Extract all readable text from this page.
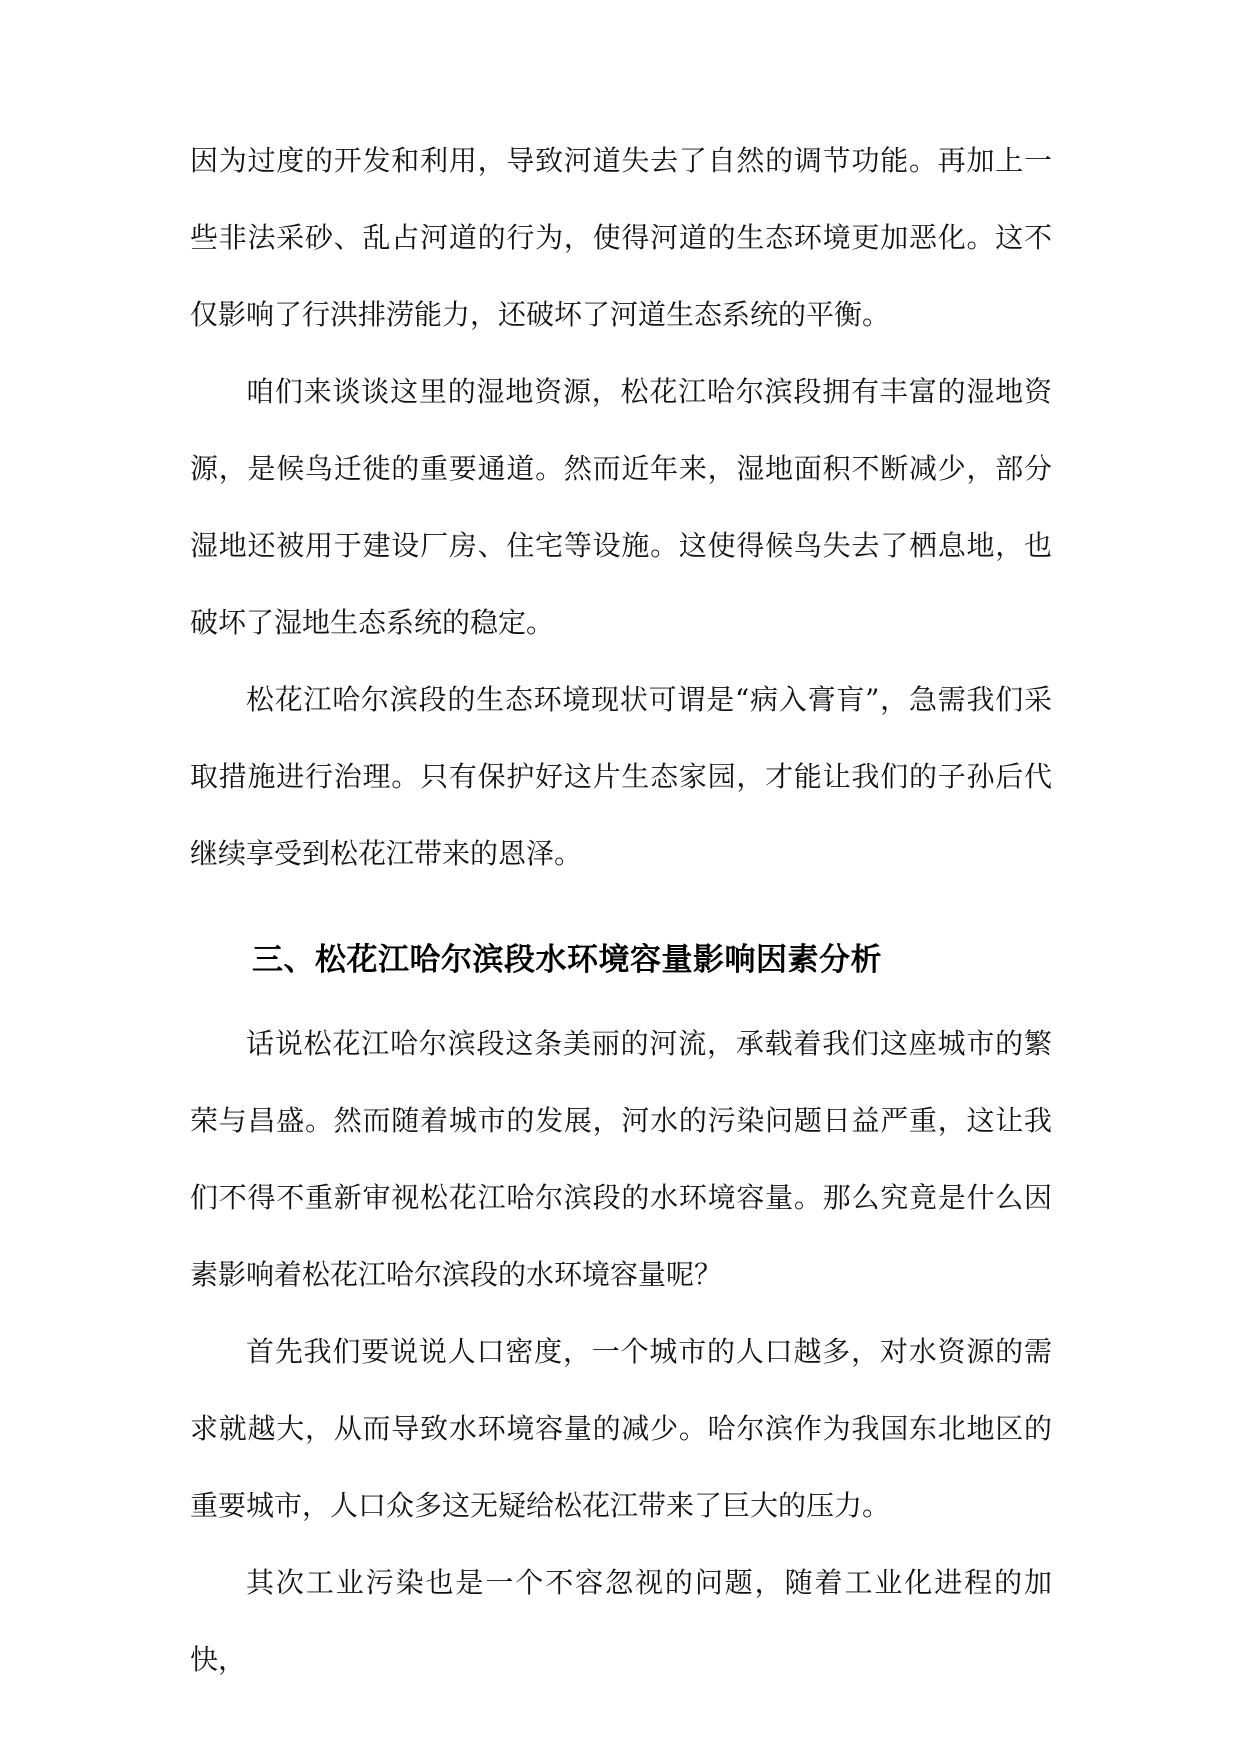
因为过度的开发和利用，导致河道失去了自然的调节功能。再加上一些非法采砂、乱占河道的行为，使得河道的生态环境更加恶化。这不仅影响了行洪排涝能力，还破坏了河道生态系统的平衡。

咱们来谈谈这里的湿地资源，松花江哈尔滨段拥有丰富的湿地资源，是候鸟迁徙的重要通道。然而近年来，湿地面积不断减少，部分湿地还被用于建设厂房、住宅等设施。这使得候鸟失去了栖息地，也破坏了湿地生态系统的稳定。

松花江哈尔滨段的生态环境现状可谓是“病入膏肓”，急需我们采取措施进行治理。只有保护好这片生态家园，才能让我们的子孙后代继续享受到松花江带来的恩泽。

三、松花江哈尔滨段水环境容量影响因素分析

话说松花江哈尔滨段这条美丽的河流，承载着我们这座城市的繁荣与昌盛。然而随着城市的发展，河水的污染问题日益严重，这让我们不得不重新审视松花江哈尔滨段的水环境容量。那么究竟是什么因素影响着松花江哈尔滨段的水环境容量呢？

首先我们要说说人口密度，一个城市的人口越多，对水资源的需求就越大，从而导致水环境容量的减少。哈尔滨作为我国东北地区的重要城市，人口众多这无疑给松花江带来了巨大的压力。

其次工业污染也是一个不容忽视的问题，随着工业化进程的加快，
